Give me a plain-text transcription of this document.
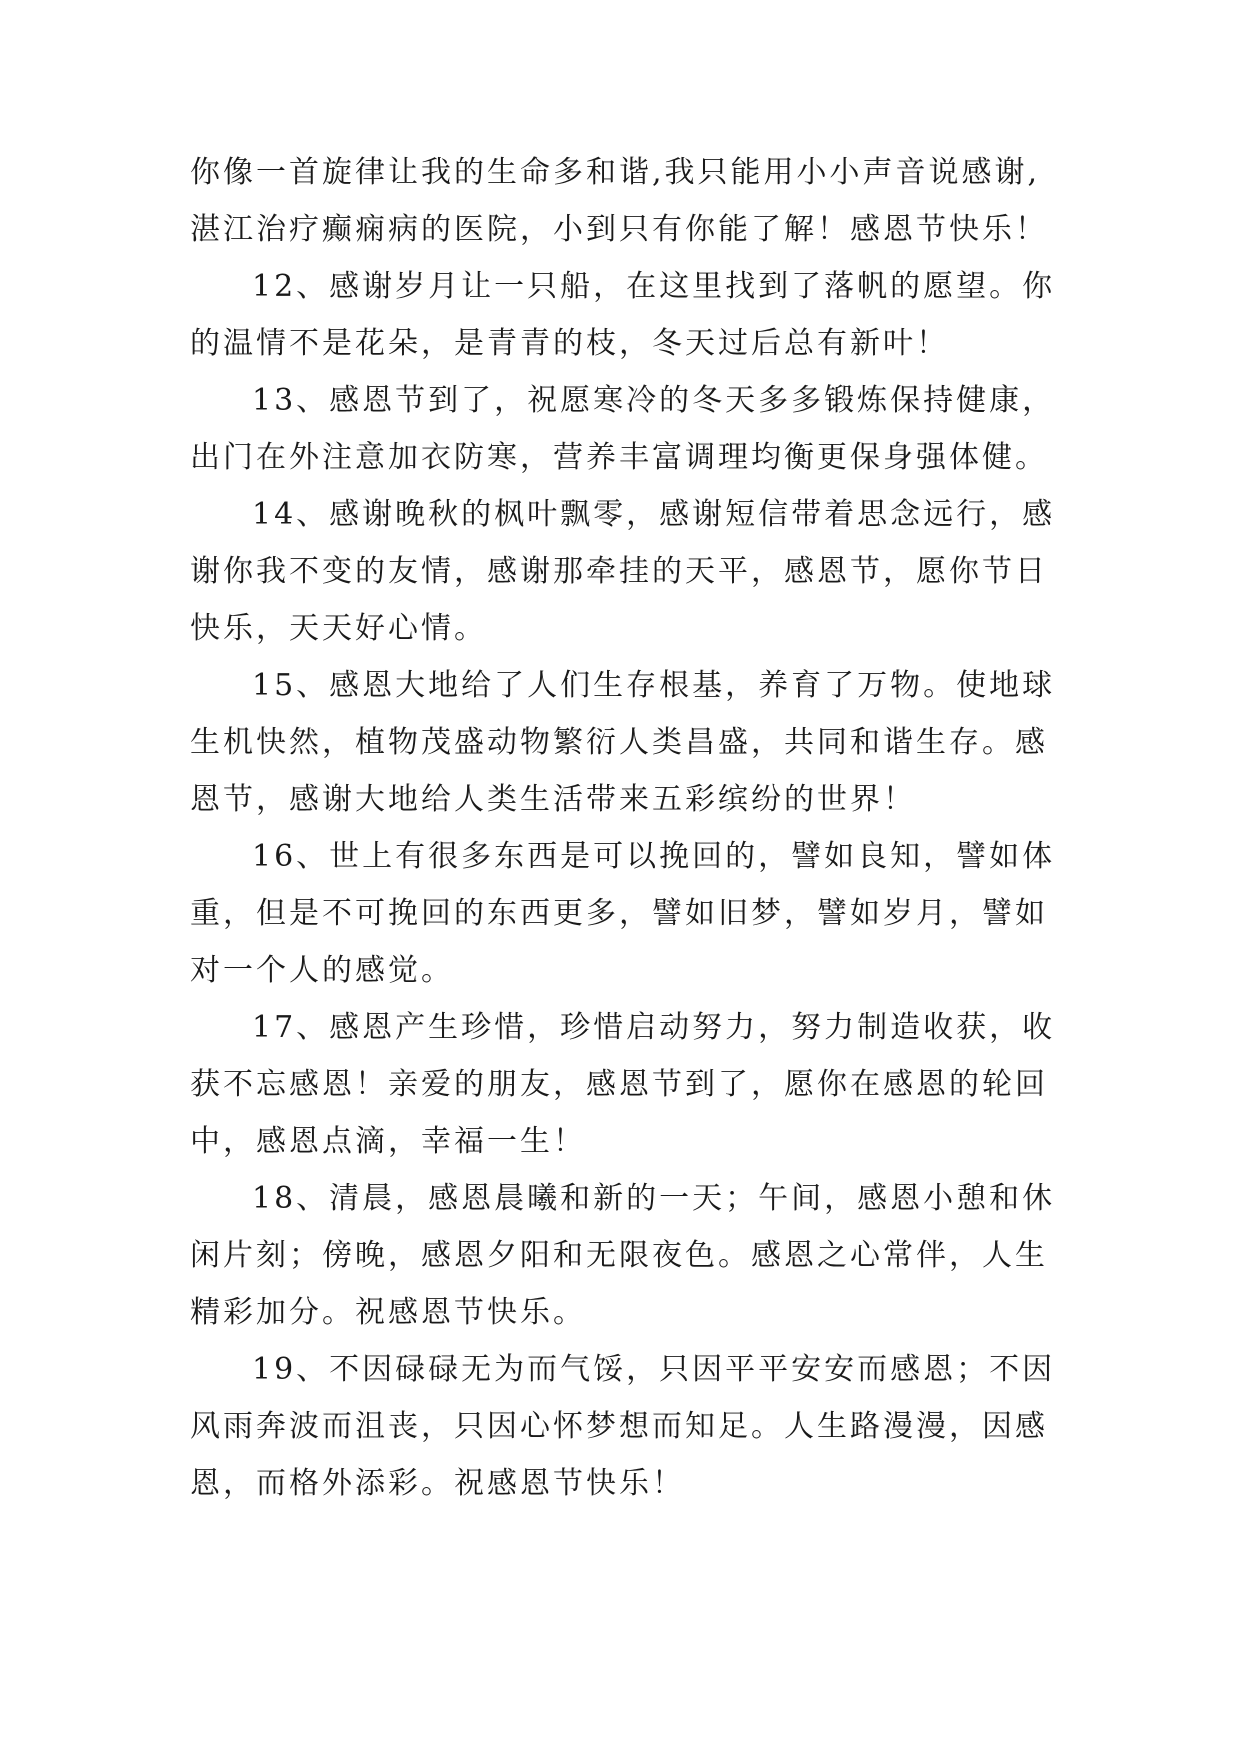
你像一首旋律让我的生命多和谐,我只能用小小声音说感谢,
湛江治疗癫痫病的医院，小到只有你能了解！感恩节快乐！
12、感谢岁月让一只船，在这里找到了落帆的愿望。你
的温情不是花朵，是青青的枝，冬天过后总有新叶！
13、感恩节到了，祝愿寒冷的冬天多多锻炼保持健康，
出门在外注意加衣防寒，营养丰富调理均衡更保身强体健。
14、感谢晚秋的枫叶飘零，感谢短信带着思念远行，感
谢你我不变的友情，感谢那牵挂的天平，感恩节，愿你节日
快乐，天天好心情。
15、感恩大地给了人们生存根基，养育了万物。使地球
生机快然，植物茂盛动物繁衍人类昌盛，共同和谐生存。感
恩节，感谢大地给人类生活带来五彩缤纷的世界！
16、世上有很多东西是可以挽回的，譬如良知，譬如体
重，但是不可挽回的东西更多，譬如旧梦，譬如岁月，譬如
对一个人的感觉。
17、感恩产生珍惜，珍惜启动努力，努力制造收获，收
获不忘感恩！亲爱的朋友，感恩节到了，愿你在感恩的轮回
中，感恩点滴，幸福一生！
18、清晨，感恩晨曦和新的一天；午间，感恩小憩和休
闲片刻；傍晚，感恩夕阳和无限夜色。感恩之心常伴，人生
精彩加分。祝感恩节快乐。
19、不因碌碌无为而气馁，只因平平安安而感恩；不因
风雨奔波而沮丧，只因心怀梦想而知足。人生路漫漫，因感
恩，而格外添彩。祝感恩节快乐！
